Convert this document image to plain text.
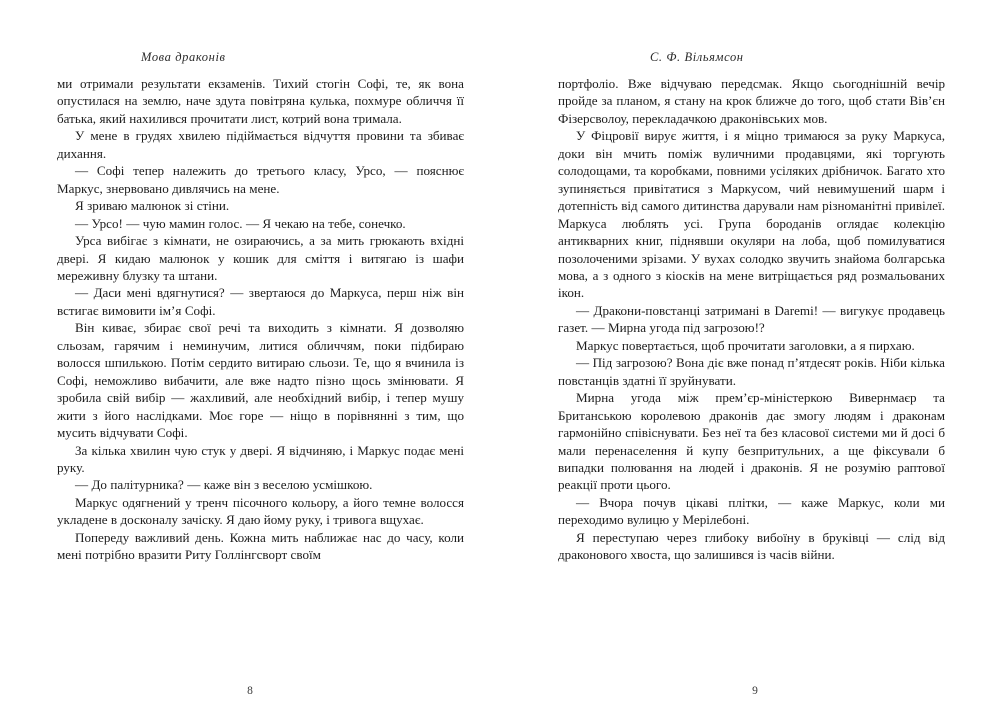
Мова драконів

ми отримали результати екзаменів. Тихий стогін Софі, те, як вона опустилася на землю, наче здута повітряна кулька, похмуре обличчя її батька, який нахилився прочитати лист, котрий вона тримала.

У мене в грудях хвилею підіймається відчуття провини та збиває дихання.

— Софі тепер належить до третього класу, Урсо, — пояснює Маркус, знервовано дивлячись на мене.

Я зриваю малюнок зі стіни.

— Урсо! — чую мамин голос. — Я чекаю на тебе, сонечко.

Урса вибігає з кімнати, не озираючись, а за мить грюкають вхідні двері. Я кидаю малюнок у кошик для сміття і витягаю із шафи мереживну блузку та штани.

— Даси мені вдягнутися? — звертаюся до Маркуса, перш ніж він встигає вимовити ім’я Софі.

Він киває, збирає свої речі та виходить з кімнати. Я дозволяю сльозам, гарячим і неминучим, литися обличчям, поки підбираю волосся шпилькою. Потім сердито витираю сльози. Те, що я вчинила із Софі, неможливо вибачити, але вже надто пізно щось змінювати. Я зробила свій вибір — жахливий, але необхідний вибір, і тепер мушу жити з його наслідками. Моє горе — ніщо в порівнянні з тим, що мусить відчувати Софі.

За кілька хвилин чую стук у двері. Я відчиняю, і Маркус подає мені руку.

— До палітурника? — каже він з веселою усмішкою.

Маркус одягнений у тренч пісочного кольору, а його темне волосся укладене в досконалу зачіску. Я даю йому руку, і тривога вщухає.

Попереду важливий день. Кожна мить наближає нас до часу, коли мені потрібно вразити Риту Голлінгсворт своїм

С. Ф. Вільямсон

портфоліо. Вже відчуваю передсмак. Якщо сьогоднішній вечір пройде за планом, я стану на крок ближче до того, щоб стати Вів’єн Фізерсволоу, перекладачкою драконівських мов.

У Фіцровії вирує життя, і я міцно тримаюся за руку Маркуса, доки він мчить поміж вуличними продавцями, які торгують солодощами, та коробками, повними усіляких дрібничок. Багато хто зупиняється привітатися з Маркусом, чий невимушений шарм і дотепність від самого дитинства дарували нам різноманітні привілеї. Маркуса люблять усі. Група бороданів оглядає колекцію антикварних книг, піднявши окуляри на лоба, щоб помилуватися позолоченими зрізами. У вухах солодко звучить знайома болгарська мова, а з одного з кіосків на мене витріщається ряд розмальованих ікон.

— Дракони-повстанці затримані в Daremi! — вигукує продавець газет. — Мирна угода під загрозою!?

Маркус повертається, щоб прочитати заголовки, а я пирхаю.

— Під загрозою? Вона діє вже понад п’ятдесят років. Ніби кілька повстанців здатні її зруйнувати.

Мирна угода між прем’єр-міністеркою Вивернмаєр та Британською королевою драконів дає змогу людям і драконам гармонійно співіснувати. Без неї та без класової системи ми й досі б мали перенаселення й купу безпритульних, а ще фіксували б випадки полювання на людей і драконів. Я не розумію раптової реакції проти цього.

— Вчора почув цікаві плітки, — каже Маркус, коли ми переходимо вулицю у Мерілебоні.

Я переступаю через глибоку вибоїну в бруківці — слід від драконового хвоста, що залишився із часів війни.

8	9
